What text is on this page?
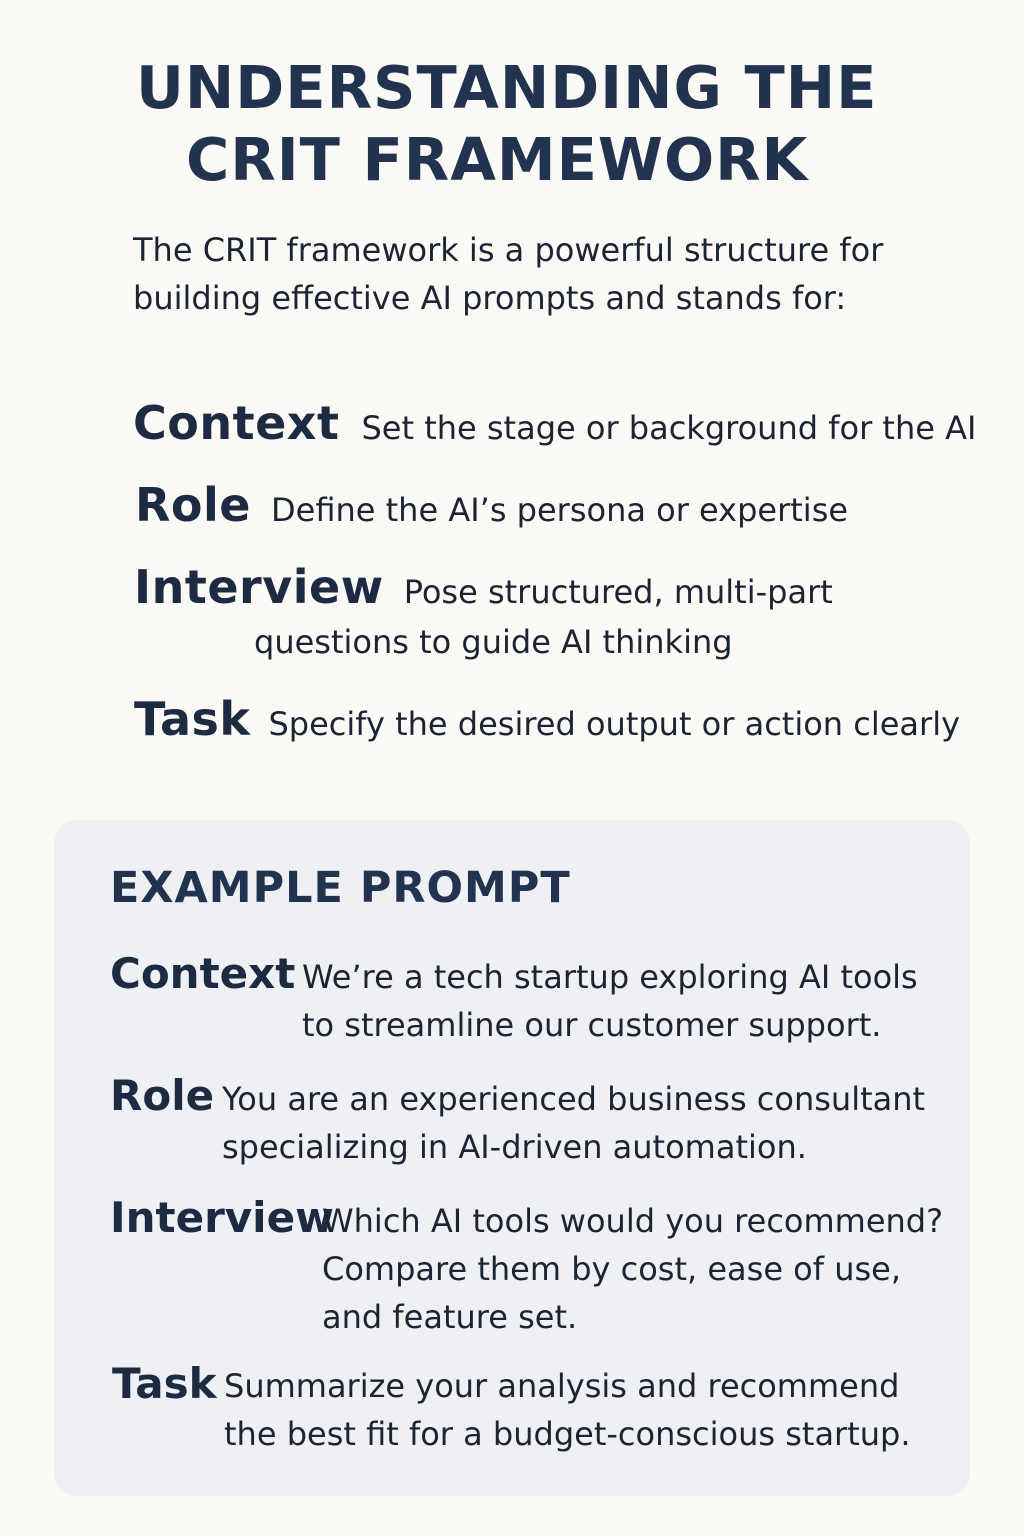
UNDERSTANDING THE
CRIT FRAMEWORK

The CRIT framework is a powerful structure for building effective AI prompts and stands for:

Context Set the stage or background for the AI
Role Define the AI’s persona or expertise
Interview Pose structured, multi-part
questions to guide AI thinking
Task Specify the desired output or action clearly
EXAMPLE PROMPT
Context We’re a tech startup exploring AI tools
to streamline our customer support.

Role You are an experienced business consultant
specializing in AI-driven automation.

Interview

Which AI tools would you recommend?
Compare them by cost, ease of use,
and feature set.

Task Summarize your analysis and recommend
the best fit for a budget-conscious startup.
